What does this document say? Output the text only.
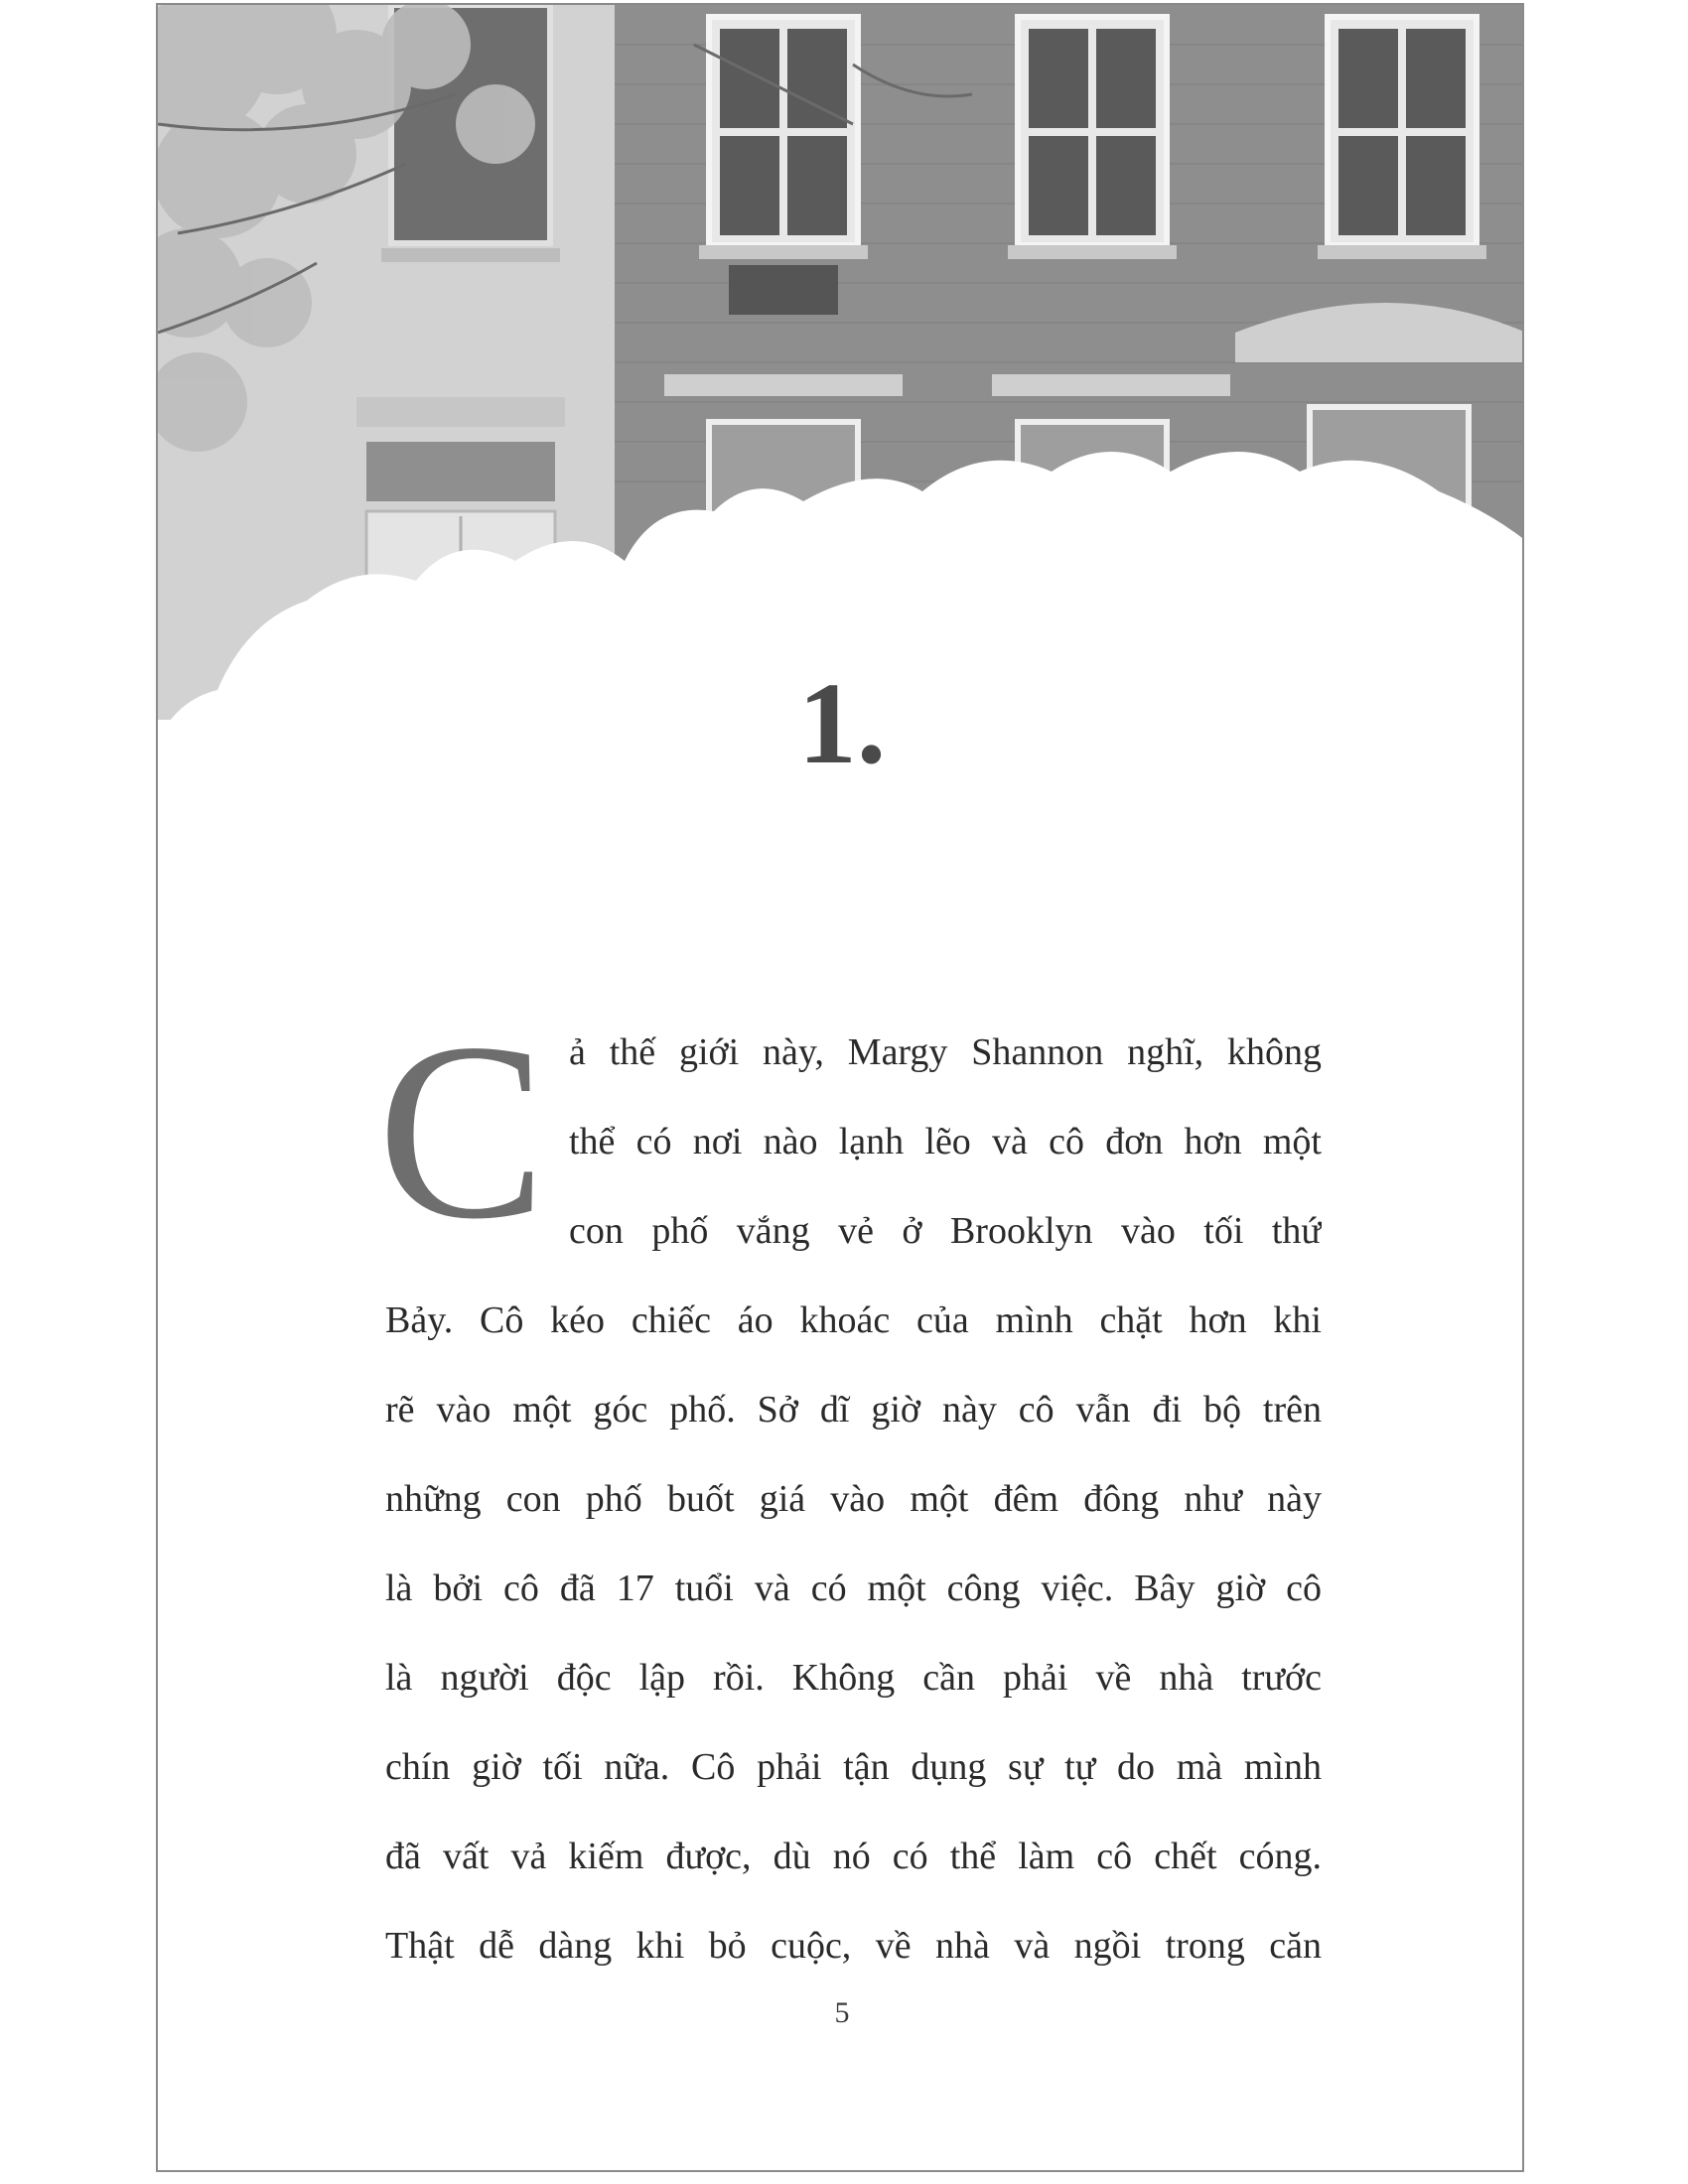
1.
C ả thế giới này, Margy Shannon nghĩ, không
thể có nơi nào lạnh lẽo và cô đơn hơn một
con phố vắng vẻ ở Brooklyn vào tối thứ
Bảy. Cô kéo chiếc áo khoác của mình chặt hơn khi
rẽ vào một góc phố. Sở dĩ giờ này cô vẫn đi bộ trên
những con phố buốt giá vào một đêm đông như này
là bởi cô đã 17 tuổi và có một công việc. Bây giờ cô
là người độc lập rồi. Không cần phải về nhà trước
chín giờ tối nữa. Cô phải tận dụng sự tự do mà mình
đã vất vả kiếm được, dù nó có thể làm cô chết cóng.
Thật dễ dàng khi bỏ cuộc, về nhà và ngồi trong căn
5
